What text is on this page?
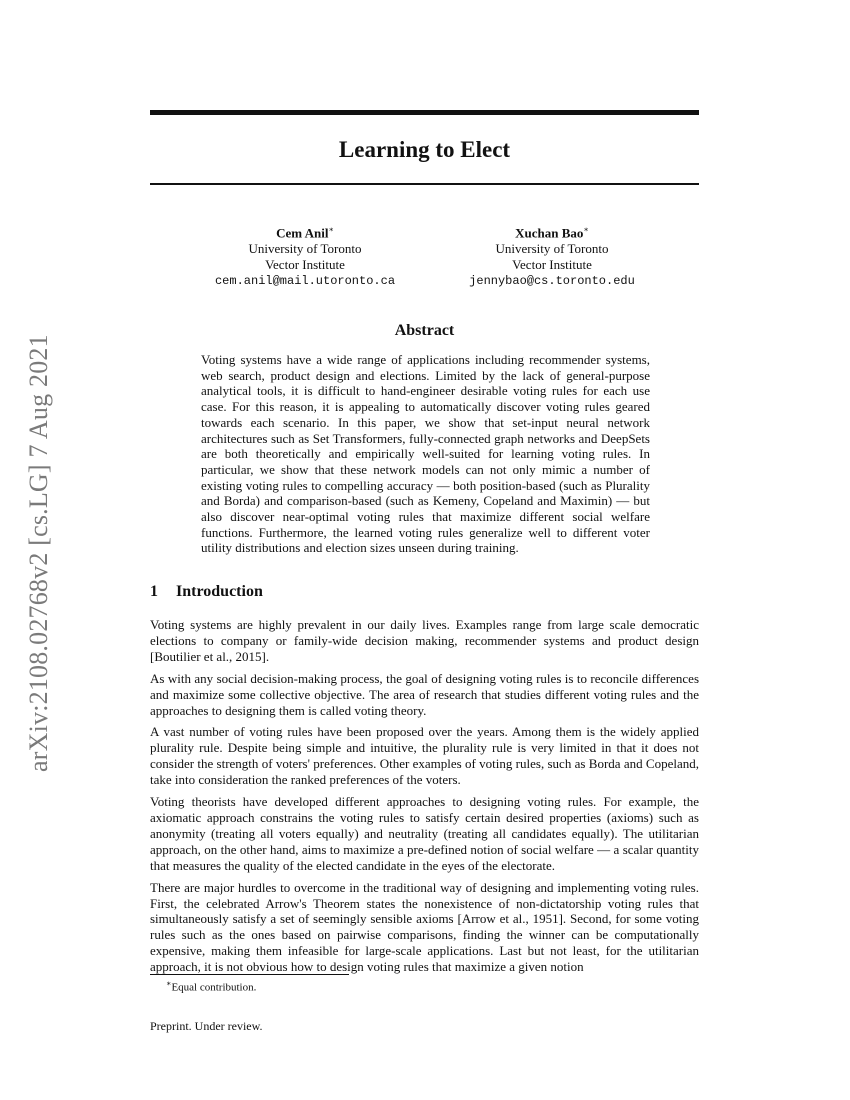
arXiv:2108.02768v2 [cs.LG] 7 Aug 2021
Learning to Elect
Cem Anil∗
University of Toronto
Vector Institute
cem.anil@mail.utoronto.ca
Xuchan Bao∗
University of Toronto
Vector Institute
jennybao@cs.toronto.edu
Abstract

Voting systems have a wide range of applications including recommender systems, web search, product design and elections. Limited by the lack of general-purpose analytical tools, it is difficult to hand-engineer desirable voting rules for each use case. For this reason, it is appealing to automatically discover voting rules geared towards each scenario. In this paper, we show that set-input neural network architectures such as Set Transformers, fully-connected graph networks and DeepSets are both theoretically and empirically well-suited for learning voting rules. In particular, we show that these network models can not only mimic a number of existing voting rules to compelling accuracy — both position-based (such as Plurality and Borda) and comparison-based (such as Kemeny, Copeland and Maximin) — but also discover near-optimal voting rules that maximize different social welfare functions. Furthermore, the learned voting rules generalize well to different voter utility distributions and election sizes unseen during training.

1 Introduction

Voting systems are highly prevalent in our daily lives. Examples range from large scale democratic elections to company or family-wide decision making, recommender systems and product design [Boutilier et al., 2015].

As with any social decision-making process, the goal of designing voting rules is to reconcile differences and maximize some collective objective. The area of research that studies different voting rules and the approaches to designing them is called voting theory.

A vast number of voting rules have been proposed over the years. Among them is the widely applied plurality rule. Despite being simple and intuitive, the plurality rule is very limited in that it does not consider the strength of voters' preferences. Other examples of voting rules, such as Borda and Copeland, take into consideration the ranked preferences of the voters.

Voting theorists have developed different approaches to designing voting rules. For example, the axiomatic approach constrains the voting rules to satisfy certain desired properties (axioms) such as anonymity (treating all voters equally) and neutrality (treating all candidates equally). The utilitarian approach, on the other hand, aims to maximize a pre-defined notion of social welfare — a scalar quantity that measures the quality of the elected candidate in the eyes of the electorate.

There are major hurdles to overcome in the traditional way of designing and implementing voting rules. First, the celebrated Arrow's Theorem states the nonexistence of non-dictatorship voting rules that simultaneously satisfy a set of seemingly sensible axioms [Arrow et al., 1951]. Second, for some voting rules such as the ones based on pairwise comparisons, finding the winner can be computationally expensive, making them infeasible for large-scale applications. Last but not least, for the utilitarian approach, it is not obvious how to design voting rules that maximize a given notion

∗Equal contribution.
Preprint. Under review.
